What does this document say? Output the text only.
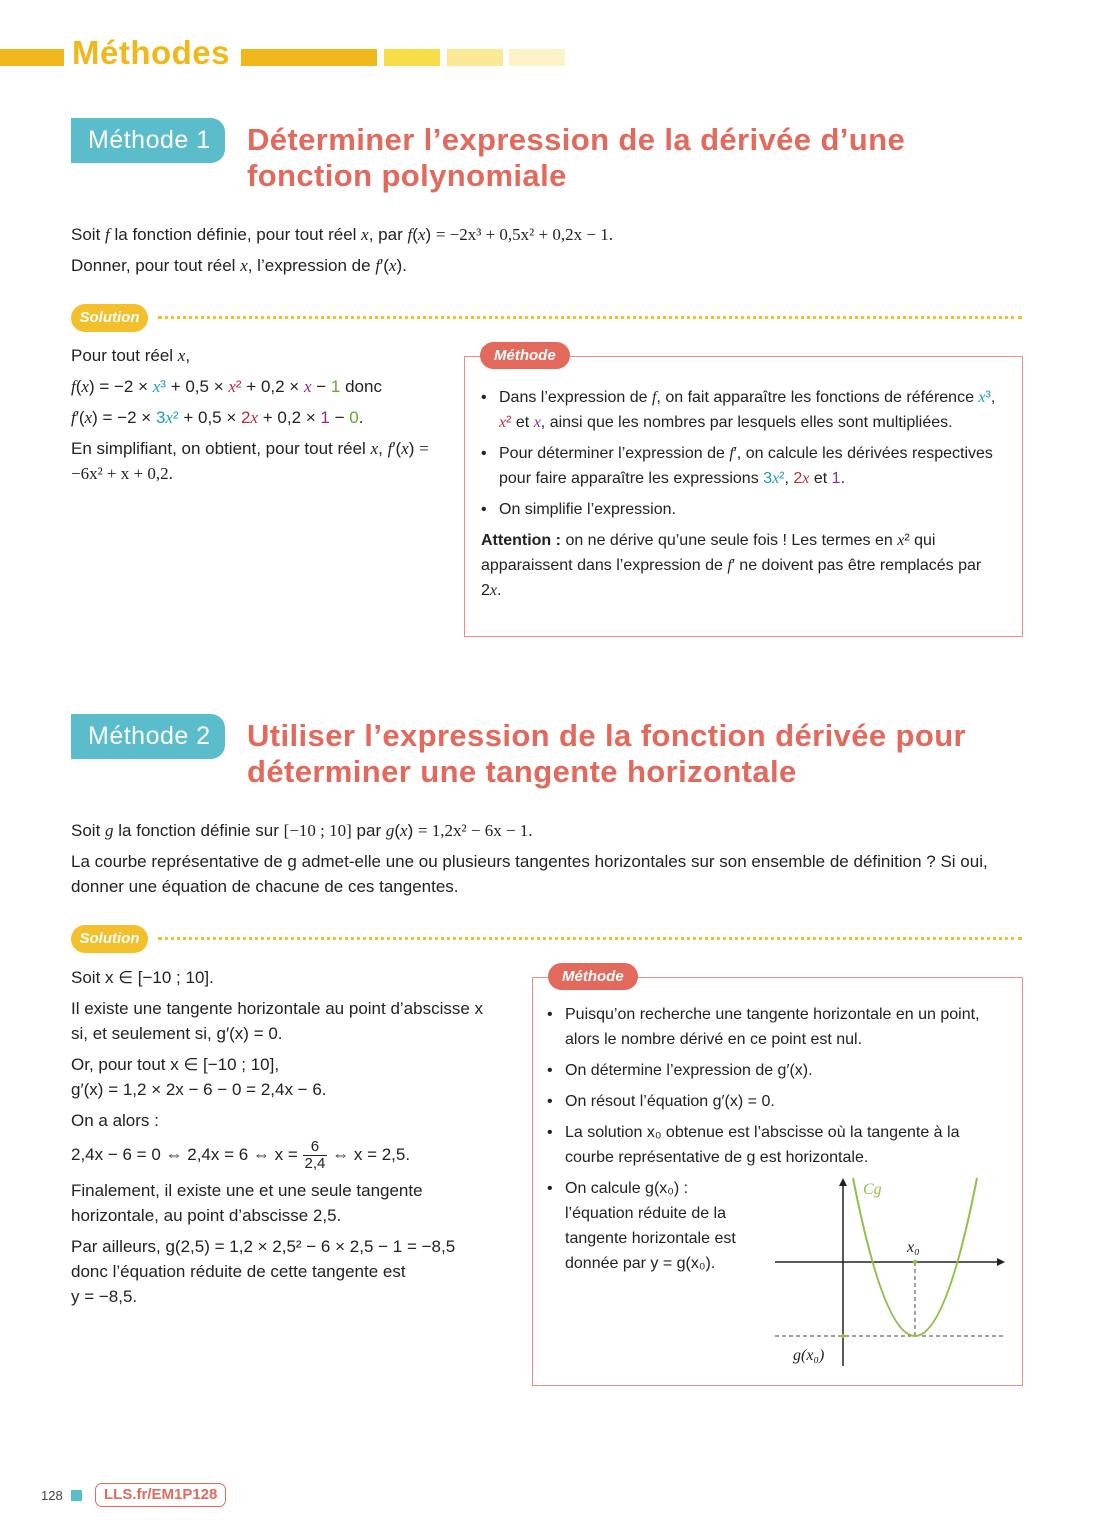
Méthodes
Méthode 1	Déterminer l’expression de la dérivée d’une
fonction polynomiale

Soit f la fonction définie, pour tout réel x, par f(x) = −2x³ + 0,5x² + 0,2x − 1.

Donner, pour tout réel x, l’expression de f′(x).

Solution

Pour tout réel x,

f(x) = −2 × x³ + 0,5 × x² + 0,2 × x − 1 donc

f′(x) = −2 × 3x² + 0,5 × 2x + 0,2 × 1 − 0.

En simplifiant, on obtient, pour tout réel x, f′(x) = −6x² + x + 0,2.

• Dans l’expression de f, on fait apparaître les fonctions de référence x³, x² et x, ainsi que les nombres par lesquels elles sont multipliées.
• Pour déterminer l’expression de f′, on calcule les dérivées respectives pour faire apparaître les expressions 3x², 2x et 1.
• On simplifie l’expression.
Attention : on ne dérive qu’une seule fois ! Les termes en x² qui apparaissent dans l’expression de f′ ne doivent pas être remplacés par 2x.
Méthode
Méthode 2	Utiliser l’expression de la fonction dérivée pour
déterminer une tangente horizontale

Soit g la fonction définie sur [−10 ; 10] par g(x) = 1,2x² − 6x − 1.

La courbe représentative de g admet-elle une ou plusieurs tangentes horizontales sur son ensemble de définition ? Si oui, donner une équation de chacune de ces tangentes.

Solution

Soit x ∈ [−10 ; 10].

Il existe une tangente horizontale au point d’abscisse x si, et seulement si, g′(x) = 0.

Or, pour tout x ∈ [−10 ; 10],
g′(x) = 1,2 × 2x − 6 − 0 = 2,4x − 6.

On a alors :

2,4x − 6 = 0 ⇔ 2,4x = 6 ⇔ $x = \frac{6}{2,4}$ ⇔ x = 2,5.

Finalement, il existe une et une seule tangente horizontale, au point d’abscisse 2,5.

Par ailleurs, g(2,5) = 1,2 × 2,5² − 6 × 2,5 − 1 = −8,5
donc l’équation réduite de cette tangente est
y = −8,5.

• Puisqu’on recherche une tangente horizontale en un point, alors le nombre dérivé en ce point est nul.
• On détermine l’expression de g′(x).
• On résout l’équation g′(x) = 0.
• La solution x₀ obtenue est l’abscisse où la tangente à la courbe représentative de g est horizontale.
• On calcule g(x₀) : l’équation réduite de la tangente horizontale est donnée par y = g(x₀).
Cg
x₀
g(x₀)
Méthode
128	LLS.fr/EM1P128
